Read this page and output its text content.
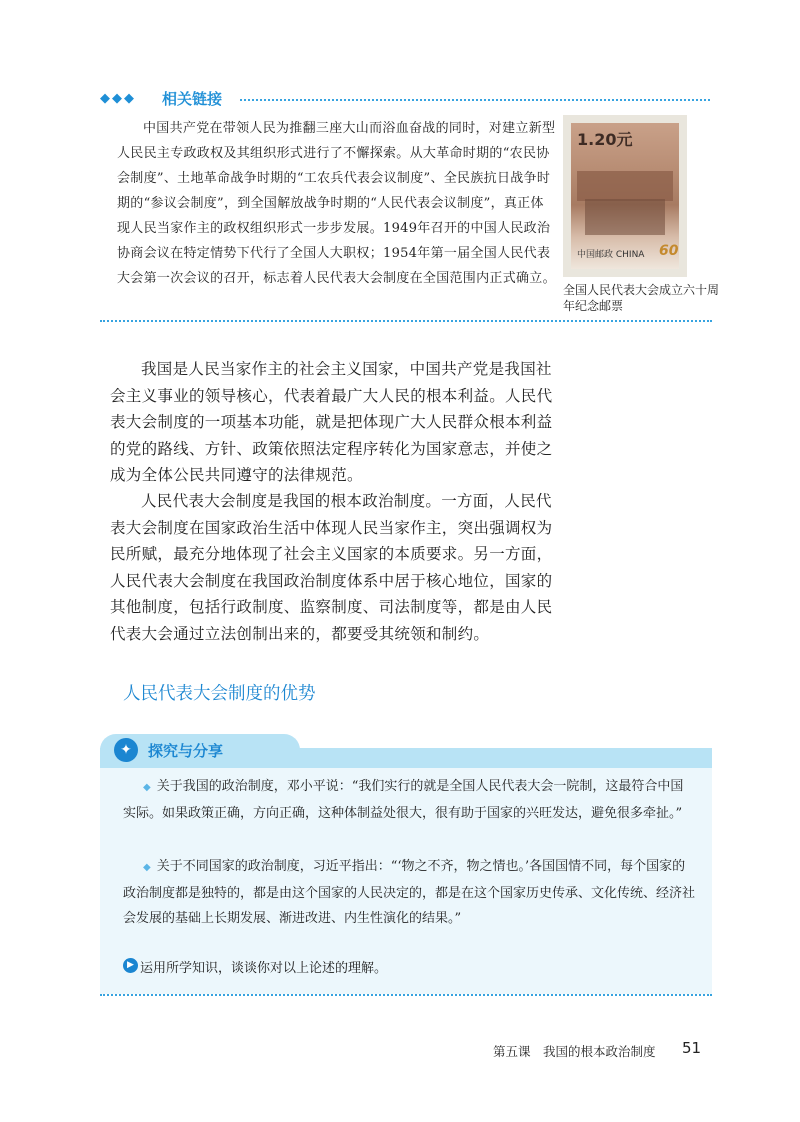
◆◆◆ 相关链接

中国共产党在带领人民为推翻三座大山而浴血奋战的同时，对建立新型人民民主专政政权及其组织形式进行了不懈探索。从大革命时期的“农民协会制度”、土地革命战争时期的“工农兵代表会议制度”、全民族抗日战争时期的“参议会制度”，到全国解放战争时期的“人民代表会议制度”，真正体现人民当家作主的政权组织形式一步步发展。1949年召开的中国人民政治协商会议在特定情势下代行了全国人大职权；1954年第一届全国人民代表大会第一次会议的召开，标志着人民代表大会制度在全国范围内正式确立。

1.20元
中国邮政 CHINA 60
全国人民代表大会成立六十周年纪念邮票

我国是人民当家作主的社会主义国家，中国共产党是我国社会主义事业的领导核心，代表着最广大人民的根本利益。人民代表大会制度的一项基本功能，就是把体现广大人民群众根本利益的党的路线、方针、政策依照法定程序转化为国家意志，并使之成为全体公民共同遵守的法律规范。

人民代表大会制度是我国的根本政治制度。一方面，人民代表大会制度在国家政治生活中体现人民当家作主，突出强调权为民所赋，最充分地体现了社会主义国家的本质要求。另一方面，人民代表大会制度在我国政治制度体系中居于核心地位，国家的其他制度，包括行政制度、监察制度、司法制度等，都是由人民代表大会通过立法创制出来的，都要受其统领和制约。

人民代表大会制度的优势
✦	探究与分享

◆ 关于我国的政治制度，邓小平说：“我们实行的就是全国人民代表大会一院制，这最符合中国实际。如果政策正确，方向正确，这种体制益处很大，很有助于国家的兴旺发达，避免很多牵扯。”

◆ 关于不同国家的政治制度，习近平指出：“‘物之不齐，物之情也。’各国国情不同，每个国家的政治制度都是独特的，都是由这个国家的人民决定的，都是在这个国家历史传承、文化传统、经济社会发展的基础上长期发展、渐进改进、内生性演化的结果。”

▶ 运用所学知识，谈谈你对以上论述的理解。
第五课　我国的根本政治制度 51
